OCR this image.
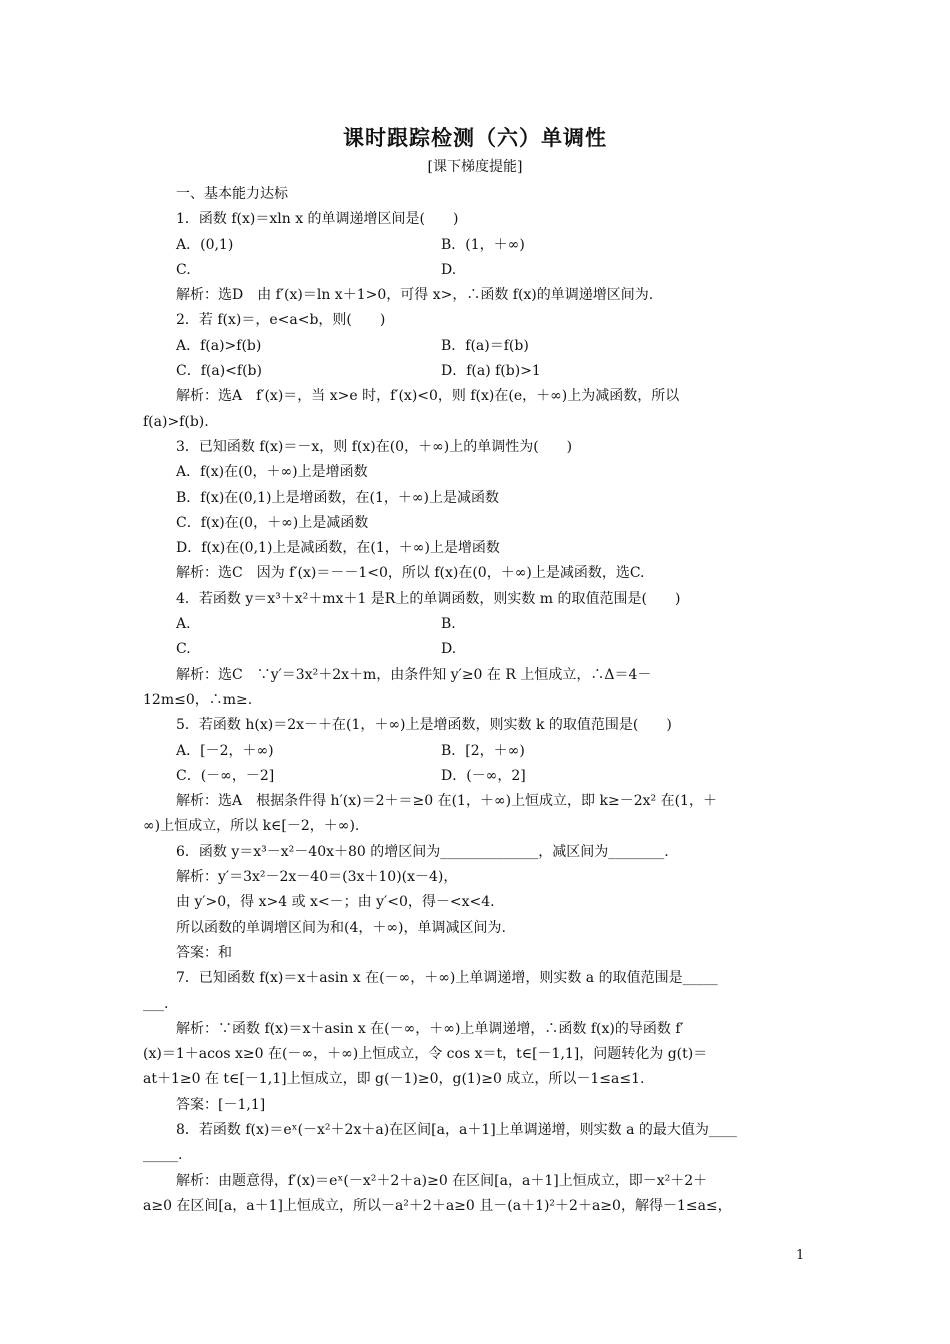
课时跟踪检测（六）单调性
[课下梯度提能]
一、基本能力达标
1．函数 f(x)＝xln x 的单调递增区间是(　　)
A．(0,1)	B．(1，＋∞)
C.	D.
解析：选D　由 f′(x)＝ln x＋1>0，可得 x>，∴函数 f(x)的单调递增区间为.
2．若 f(x)＝，e<a<b，则(　　)
A．f(a)>f(b)	B．f(a)＝f(b)
C．f(a)<f(b)	D．f(a) f(b)>1
解析：选A　f′(x)＝，当 x>e 时，f′(x)<0，则 f(x)在(e，＋∞)上为减函数，所以
f(a)>f(b).
3．已知函数 f(x)＝－x，则 f(x)在(0，＋∞)上的单调性为(　　)
A．f(x)在(0，＋∞)上是增函数
B．f(x)在(0,1)上是增函数，在(1，＋∞)上是减函数
C．f(x)在(0，＋∞)上是减函数
D．f(x)在(0,1)上是减函数，在(1，＋∞)上是增函数
解析：选C　因为 f′(x)＝－－1<0，所以 f(x)在(0，＋∞)上是减函数，选C.
4．若函数 y＝x³＋x²＋mx＋1 是R上的单调函数，则实数 m 的取值范围是(　　)
A.	B.
C.	D.
解析：选C　∵y′＝3x²＋2x＋m，由条件知 y′≥0 在 R 上恒成立，∴Δ＝4－
12m≤0，∴m≥.
5．若函数 h(x)＝2x－＋在(1，＋∞)上是增函数，则实数 k 的取值范围是(　　)
A．[－2，＋∞)	B．[2，＋∞)
C．(－∞，－2]	D．(－∞，2]
解析：选A　根据条件得 h′(x)＝2＋＝≥0 在(1，＋∞)上恒成立，即 k≥－2x² 在(1，＋
∞)上恒成立，所以 k∈[－2，＋∞).
6．函数 y＝x³－x²－40x＋80 的增区间为______________，减区间为________.
解析：y′＝3x²－2x－40＝(3x＋10)(x－4)，
由 y′>0，得 x>4 或 x<－；由 y′<0，得－<x<4.
所以函数的单调增区间为和(4，＋∞)，单调减区间为.
答案：和
7．已知函数 f(x)＝x＋asin x 在(－∞，＋∞)上单调递增，则实数 a 的取值范围是_____
___.
解析：∵函数 f(x)＝x＋asin x 在(－∞，＋∞)上单调递增，∴函数 f(x)的导函数 f′
(x)＝1＋acos x≥0 在(－∞，＋∞)上恒成立，令 cos x＝t，t∈[－1,1]，问题转化为 g(t)＝
at＋1≥0 在 t∈[－1,1]上恒成立，即 g(－1)≥0，g(1)≥0 成立，所以－1≤a≤1.
答案：[－1,1]
8．若函数 f(x)＝eˣ(－x²＋2x＋a)在区间[a，a＋1]上单调递增，则实数 a 的最大值为____
_____.
解析：由题意得，f′(x)＝eˣ(－x²＋2＋a)≥0 在区间[a，a＋1]上恒成立，即－x²＋2＋
a≥0 在区间[a，a＋1]上恒成立，所以－a²＋2＋a≥0 且－(a＋1)²＋2＋a≥0，解得－1≤a≤，
1
